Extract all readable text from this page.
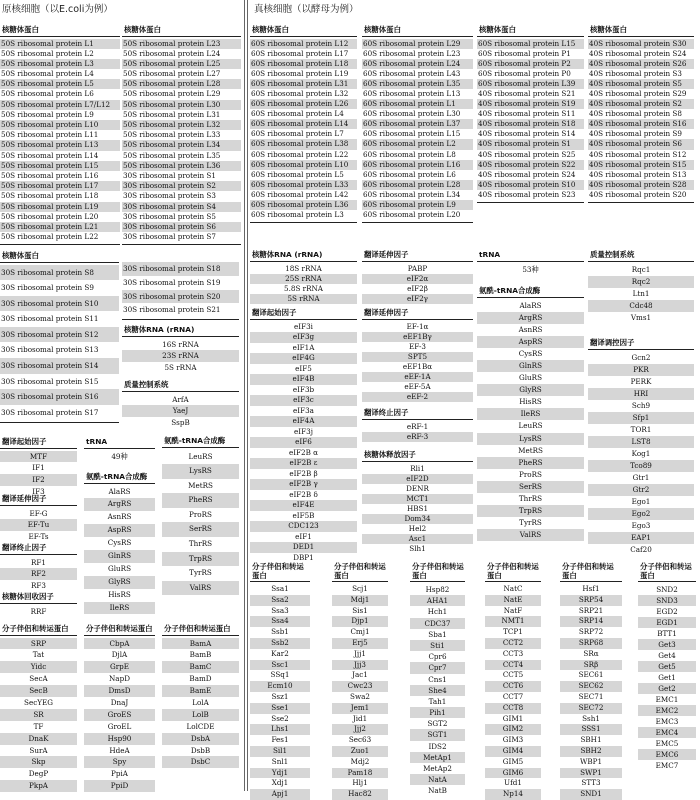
原核细胞（以E.coli为例）	真核细胞（以酵母为例）
核糖体蛋白
50S ribosomal protein L1
50S ribosomal protein L2
50S ribosomal protein L3
50S ribosomal protein L4
50S ribosomal protein L5
50S ribosomal protein L6
50S ribosomal protein L7/L12
50S ribosomal protein L9
50S ribosomal protein L10
50S ribosomal protein L11
50S ribosomal protein L13
50S ribosomal protein L14
50S ribosomal protein L15
50S ribosomal protein L16
50S ribosomal protein L17
50S ribosomal protein L18
50S ribosomal protein L19
50S ribosomal protein L20
50S ribosomal protein L21
50S ribosomal protein L22
核糖体蛋白
50S ribosomal protein L23
50S ribosomal protein L24
50S ribosomal protein L25
50S ribosomal protein L27
50S ribosomal protein L28
50S ribosomal protein L29
50S ribosomal protein L30
50S ribosomal protein L31
50S ribosomal protein L32
50S ribosomal protein L33
50S ribosomal protein L34
50S ribosomal protein L35
50S ribosomal protein L36
30S ribosomal protein S1
30S ribosomal protein S2
30S ribosomal protein S3
30S ribosomal protein S4
30S ribosomal protein S5
30S ribosomal protein S6
30S ribosomal protein S7
核糖体蛋白
30S ribosomal protein S8
30S ribosomal protein S9
30S ribosomal protein S10
30S ribosomal protein S11
30S ribosomal protein S12
30S ribosomal protein S13
30S ribosomal protein S14
30S ribosomal protein S15
30S ribosomal protein S16
30S ribosomal protein S17
30S ribosomal protein S18
30S ribosomal protein S19
30S ribosomal protein S20
30S ribosomal protein S21
核糖体RNA (rRNA)
16S rRNA
23S rRNA
5S rRNA
质量控制系统
ArfA
YaeJ
SspB
翻译起始因子
MTF
IF1
IF2
IF3
翻译延伸因子
EF-G
EF-Tu
EF-Ts
翻译终止因子
RF1
RF2
RF3
核糖体回收因子
RRF
tRNA
49种
氨酰-tRNA合成酶
AlaRS
ArgRS
AsnRS
AspRS
CysRS
GlnRS
GluRS
GlyRS
HisRS
IleRS
氨酰-tRNA合成酶
LeuRS
LysRS
MetRS
PheRS
ProRS
SerRS
ThrRS
TrpRS
TyrRS
ValRS
分子伴侣和转运蛋白
SRP
Tat
Yidc
SecA
SecB
SecYEG
SR
TF
DnaK
SurA
Skp
DegP
PkpA
分子伴侣和转运蛋白
CbpA
DjlA
GrpE
NapD
DmsD
DnaJ
GroES
GroEL
Hsp90
HdeA
Spy
PpiA
PpiD
分子伴侣和转运蛋白
BamA
BamB
BamC
BamD
BamE
LolA
LolB
LolCDE
DsbA
DsbB
DsbC
核糖体蛋白
60S ribosomal protein L12
60S ribosomal protein L17
60S ribosomal protein L18
60S ribosomal protein L19
60S ribosomal protein L31
60S ribosomal protein L32
60S ribosomal protein L26
60S ribosomal protein L4
60S ribosomal protein L14
60S ribosomal protein L7
60S ribosomal protein L38
60S ribosomal protein L22
60S ribosomal protein L10
60S ribosomal protein L5
60S ribosomal protein L33
60S ribosomal protein L42
60S ribosomal protein L36
60S ribosomal protein L3
核糖体蛋白
60S ribosomal protein L29
60S ribosomal protein L23
60S ribosomal protein L24
60S ribosomal protein L43
60S ribosomal protein L35
60S ribosomal protein L13
60S ribosomal protein L1
60S ribosomal protein L30
60S ribosomal protein L37
60S ribosomal protein L15
60S ribosomal protein L2
60S ribosomal protein L8
60S ribosomal protein L16
60S ribosomal protein L6
60S ribosomal protein L28
60S ribosomal protein L34
60S ribosomal protein L9
60S ribosomal protein L20
核糖体蛋白
60S ribosomal protein L15
60S ribosomal protein P1
60S ribosomal protein P2
60S ribosomal protein P0
60S ribosomal protein L39
40S ribosomal protein S21
40S ribosomal protein S19
40S ribosomal protein S11
40S ribosomal protein S18
40S ribosomal protein S14
40S ribosomal protein S1
40S ribosomal protein S25
40S ribosomal protein S22
40S ribosomal protein S24
40S ribosomal protein S10
40S ribosomal protein S23
核糖体蛋白
40S ribosomal protein S30
40S ribosomal protein S24
40S ribosomal protein S26
40S ribosomal protein S3
40S ribosomal protein S5
40S ribosomal protein S29
40S ribosomal protein S2
40S ribosomal protein S8
40S ribosomal protein S16
40S ribosomal protein S9
40S ribosomal protein S6
40S ribosomal protein S12
40S ribosomal protein S15
40S ribosomal protein S13
40S ribosomal protein S28
40S ribosomal protein S20
核糖体RNA (rRNA)
18S rRNA
25S rRNA
5.8S rRNA
5S rRNA
翻译起始因子
eIF3i
eIF3g
eIF1A
eIF4G
eIF5
eIF4B
eIF3b
eIF3c
eIF3a
eIF4A
eIF3j
eIF6
eIF2B α
eIF2B ε
eIF2B β
eIF2B γ
eIF2B δ
eIF4E
eIF5B
CDC123
eIF1
DED1
DBP1
翻译延伸因子
PABP
eIF2α
eIF2β
eIF2γ
翻译延伸因子
EF-1α
eEF1Bγ
EF-3
SPT5
eEF1Bα
eEF-1A
eEF-5A
eEF-2
翻译终止因子
eRF-1
eRF-3
核糖体释放因子
Rli1
eIF2D
DENR
MCT1
HBS1
Dom34
Hel2
Asc1
Slh1
tRNA
53种
氨酰-tRNA合成酶
AlaRS
ArgRS
AsnRS
AspRS
CysRS
GlnRS
GluRS
GlyRS
HisRS
IleRS
LeuRS
LysRS
MetRS
PheRS
ProRS
SerRS
ThrRS
TrpRS
TyrRS
ValRS
质量控制系统
Rqc1
Rqc2
Ltn1
Cdc48
Vms1
翻译调控因子
Gcn2
PKR
PERK
HRI
Sch9
Sfp1
TOR1
LST8
Kog1
Tco89
Gtr1
Gtr2
Ego1
Ego2
Ego3
EAP1
Caf20
分子伴侣和转运蛋白
Ssa1
Ssa2
Ssa3
Ssa4
Ssb1
Ssb2
Kar2
Ssc1
SSq1
Ecm10
Ssz1
Sse1
Sse2
Lhs1
Fes1
Sil1
Snl1
Ydj1
Xdj1
Apj1
分子伴侣和转运蛋白
Scj1
Mdj1
Sis1
Djp1
Cmj1
Erj5
Jjj1
Jjj3
Jac1
Cwc23
Swa2
Jem1
Jid1
Jjj2
Sec63
Zuo1
Mdj2
Pam18
Hlj1
Hac82
分子伴侣和转运蛋白
Hsp82
AHA1
Hch1
CDC37
Sba1
Sti1
Cpr6
Cpr7
Cns1
She4
Tah1
Pih1
SGT2
SGT1
IDS2
MetAp1
MetAp2
NatA
NatB
分子伴侣和转运蛋白
NatC
NatE
NatF
NMT1
TCP1
CCT2
CCT3
CCT4
CCT5
CCT6
CCT7
CCT8
GIM1
GIM2
GIM3
GIM4
GIM5
GIM6
Ufd1
Np14
分子伴侣和转运蛋白
Hsf1
SRP54
SRP21
SRP14
SRP72
SRP68
SRα
SRβ
SEC61
SEC62
SEC71
SEC72
Ssh1
SSS1
SBH1
SBH2
WBP1
SWP1
STT3
SND1
分子伴侣和转运蛋白
SND2
SND3
EGD2
EGD1
BTT1
Get3
Get4
Get5
Get1
Get2
EMC1
EMC2
EMC3
EMC4
EMC5
EMC6
EMC7
